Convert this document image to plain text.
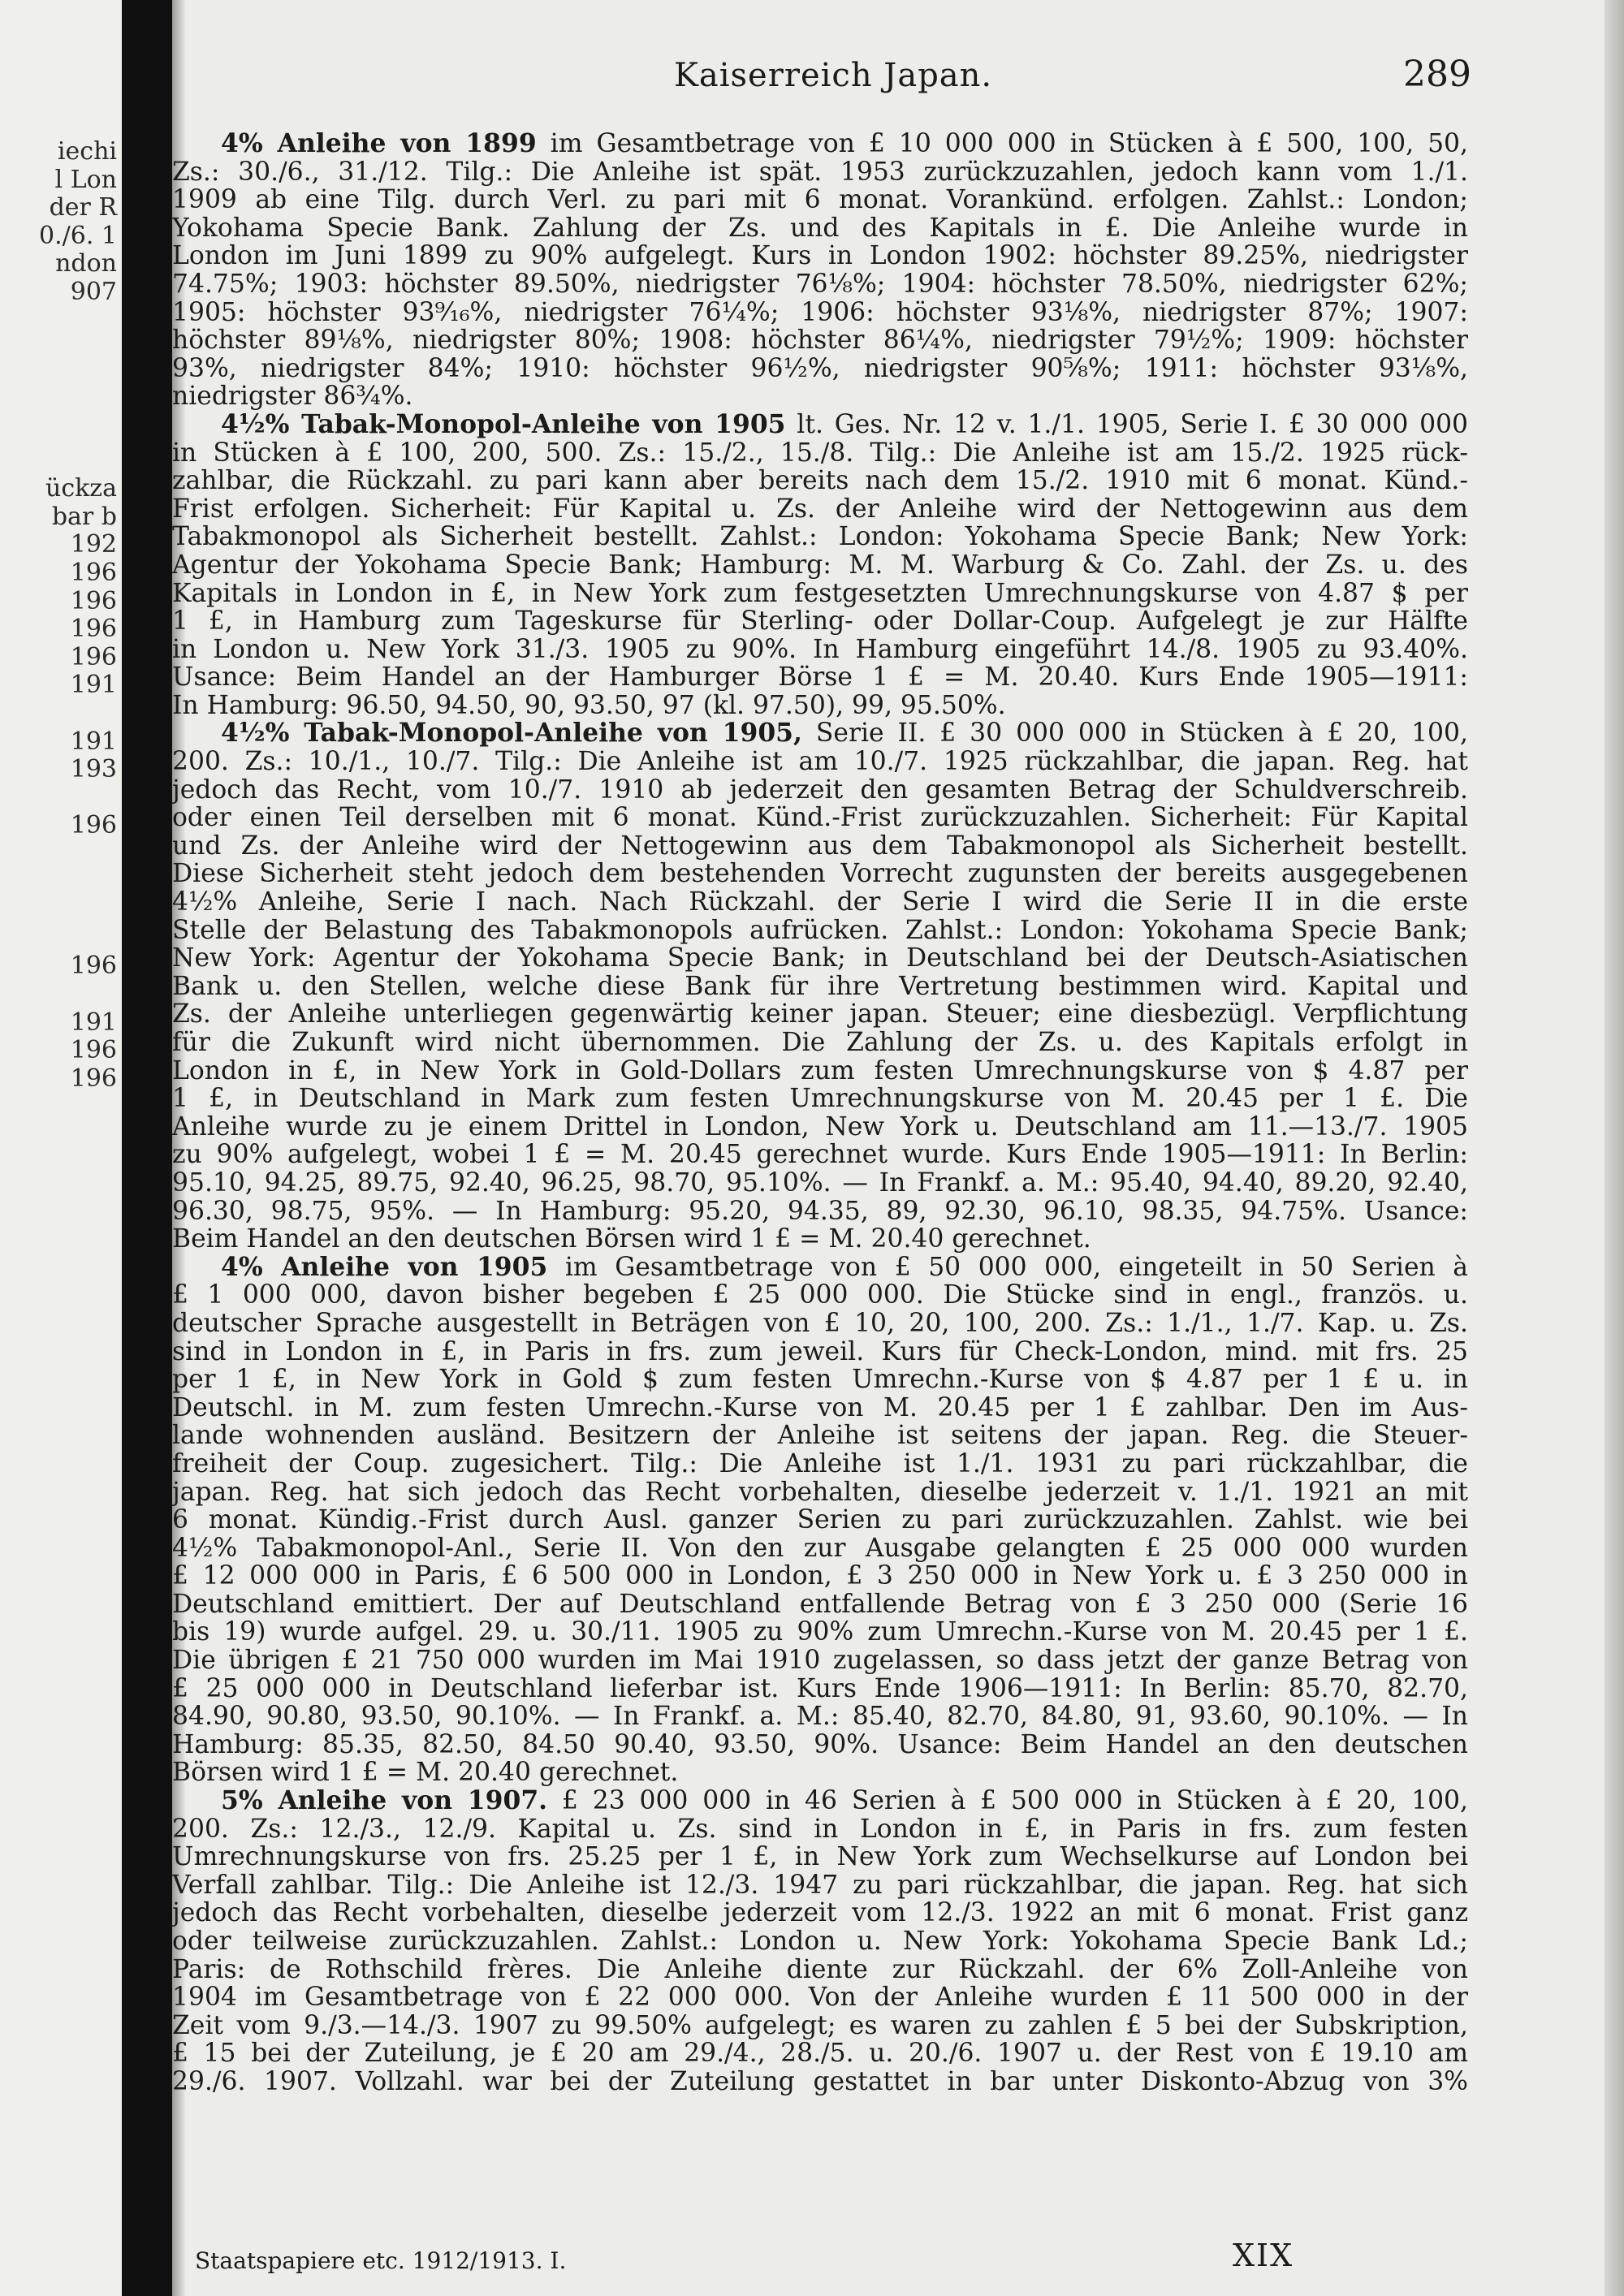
Kaiserreich Japan.	289
4% Anleihe von 1899 im Gesamtbetrage von £ 10 000 000 in Stücken à £ 500, 100, 50,
Zs.: 30./6., 31./12. Tilg.: Die Anleihe ist spät. 1953 zurückzuzahlen, jedoch kann vom 1./1.
1909 ab eine Tilg. durch Verl. zu pari mit 6 monat. Vorankünd. erfolgen. Zahlst.: London;
Yokohama Specie Bank. Zahlung der Zs. und des Kapitals in £. Die Anleihe wurde in
London im Juni 1899 zu 90% aufgelegt. Kurs in London 1902: höchster 89.25%, niedrigster
74.75%; 1903: höchster 89.50%, niedrigster 76⅛%; 1904: höchster 78.50%, niedrigster 62%;
1905: höchster 93⁹⁄₁₆%, niedrigster 76¼%; 1906: höchster 93⅛%, niedrigster 87%; 1907:
höchster 89⅛%, niedrigster 80%; 1908: höchster 86¼%, niedrigster 79½%; 1909: höchster
93%, niedrigster 84%; 1910: höchster 96½%, niedrigster 90⅝%; 1911: höchster 93⅛%,
niedrigster 86¾%.
4½% Tabak-Monopol-Anleihe von 1905 lt. Ges. Nr. 12 v. 1./1. 1905, Serie I. £ 30 000 000
in Stücken à £ 100, 200, 500. Zs.: 15./2., 15./8. Tilg.: Die Anleihe ist am 15./2. 1925 rück-
zahlbar, die Rückzahl. zu pari kann aber bereits nach dem 15./2. 1910 mit 6 monat. Künd.-
Frist erfolgen. Sicherheit: Für Kapital u. Zs. der Anleihe wird der Nettogewinn aus dem
Tabakmonopol als Sicherheit bestellt. Zahlst.: London: Yokohama Specie Bank; New York:
Agentur der Yokohama Specie Bank; Hamburg: M. M. Warburg & Co. Zahl. der Zs. u. des
Kapitals in London in £, in New York zum festgesetzten Umrechnungskurse von 4.87 $ per
1 £, in Hamburg zum Tageskurse für Sterling- oder Dollar-Coup. Aufgelegt je zur Hälfte
in London u. New York 31./3. 1905 zu 90%. In Hamburg eingeführt 14./8. 1905 zu 93.40%.
Usance: Beim Handel an der Hamburger Börse 1 £ = M. 20.40. Kurs Ende 1905—1911:
In Hamburg: 96.50, 94.50, 90, 93.50, 97 (kl. 97.50), 99, 95.50%.
4½% Tabak-Monopol-Anleihe von 1905, Serie II. £ 30 000 000 in Stücken à £ 20, 100,
200. Zs.: 10./1., 10./7. Tilg.: Die Anleihe ist am 10./7. 1925 rückzahlbar, die japan. Reg. hat
jedoch das Recht, vom 10./7. 1910 ab jederzeit den gesamten Betrag der Schuldverschreib.
oder einen Teil derselben mit 6 monat. Künd.-Frist zurückzuzahlen. Sicherheit: Für Kapital
und Zs. der Anleihe wird der Nettogewinn aus dem Tabakmonopol als Sicherheit bestellt.
Diese Sicherheit steht jedoch dem bestehenden Vorrecht zugunsten der bereits ausgegebenen
4½% Anleihe, Serie I nach. Nach Rückzahl. der Serie I wird die Serie II in die erste
Stelle der Belastung des Tabakmonopols aufrücken. Zahlst.: London: Yokohama Specie Bank;
New York: Agentur der Yokohama Specie Bank; in Deutschland bei der Deutsch-Asiatischen
Bank u. den Stellen, welche diese Bank für ihre Vertretung bestimmen wird. Kapital und
Zs. der Anleihe unterliegen gegenwärtig keiner japan. Steuer; eine diesbezügl. Verpflichtung
für die Zukunft wird nicht übernommen. Die Zahlung der Zs. u. des Kapitals erfolgt in
London in £, in New York in Gold-Dollars zum festen Umrechnungskurse von $ 4.87 per
1 £, in Deutschland in Mark zum festen Umrechnungskurse von M. 20.45 per 1 £. Die
Anleihe wurde zu je einem Drittel in London, New York u. Deutschland am 11.—13./7. 1905
zu 90% aufgelegt, wobei 1 £ = M. 20.45 gerechnet wurde. Kurs Ende 1905—1911: In Berlin:
95.10, 94.25, 89.75, 92.40, 96.25, 98.70, 95.10%. — In Frankf. a. M.: 95.40, 94.40, 89.20, 92.40,
96.30, 98.75, 95%. — In Hamburg: 95.20, 94.35, 89, 92.30, 96.10, 98.35, 94.75%. Usance:
Beim Handel an den deutschen Börsen wird 1 £ = M. 20.40 gerechnet.
4% Anleihe von 1905 im Gesamtbetrage von £ 50 000 000, eingeteilt in 50 Serien à
£ 1 000 000, davon bisher begeben £ 25 000 000. Die Stücke sind in engl., französ. u.
deutscher Sprache ausgestellt in Beträgen von £ 10, 20, 100, 200. Zs.: 1./1., 1./7. Kap. u. Zs.
sind in London in £, in Paris in frs. zum jeweil. Kurs für Check-London, mind. mit frs. 25
per 1 £, in New York in Gold $ zum festen Umrechn.-Kurse von $ 4.87 per 1 £ u. in
Deutschl. in M. zum festen Umrechn.-Kurse von M. 20.45 per 1 £ zahlbar. Den im Aus-
lande wohnenden ausländ. Besitzern der Anleihe ist seitens der japan. Reg. die Steuer-
freiheit der Coup. zugesichert. Tilg.: Die Anleihe ist 1./1. 1931 zu pari rückzahlbar, die
japan. Reg. hat sich jedoch das Recht vorbehalten, dieselbe jederzeit v. 1./1. 1921 an mit
6 monat. Kündig.-Frist durch Ausl. ganzer Serien zu pari zurückzuzahlen. Zahlst. wie bei
4½% Tabakmonopol-Anl., Serie II. Von den zur Ausgabe gelangten £ 25 000 000 wurden
£ 12 000 000 in Paris, £ 6 500 000 in London, £ 3 250 000 in New York u. £ 3 250 000 in
Deutschland emittiert. Der auf Deutschland entfallende Betrag von £ 3 250 000 (Serie 16
bis 19) wurde aufgel. 29. u. 30./11. 1905 zu 90% zum Umrechn.-Kurse von M. 20.45 per 1 £.
Die übrigen £ 21 750 000 wurden im Mai 1910 zugelassen, so dass jetzt der ganze Betrag von
£ 25 000 000 in Deutschland lieferbar ist. Kurs Ende 1906—1911: In Berlin: 85.70, 82.70,
84.90, 90.80, 93.50, 90.10%. — In Frankf. a. M.: 85.40, 82.70, 84.80, 91, 93.60, 90.10%. — In
Hamburg: 85.35, 82.50, 84.50 90.40, 93.50, 90%. Usance: Beim Handel an den deutschen
Börsen wird 1 £ = M. 20.40 gerechnet.
5% Anleihe von 1907. £ 23 000 000 in 46 Serien à £ 500 000 in Stücken à £ 20, 100,
200. Zs.: 12./3., 12./9. Kapital u. Zs. sind in London in £, in Paris in frs. zum festen
Umrechnungskurse von frs. 25.25 per 1 £, in New York zum Wechselkurse auf London bei
Verfall zahlbar. Tilg.: Die Anleihe ist 12./3. 1947 zu pari rückzahlbar, die japan. Reg. hat sich
jedoch das Recht vorbehalten, dieselbe jederzeit vom 12./3. 1922 an mit 6 monat. Frist ganz
oder teilweise zurückzuzahlen. Zahlst.: London u. New York: Yokohama Specie Bank Ld.;
Paris: de Rothschild frères. Die Anleihe diente zur Rückzahl. der 6% Zoll-Anleihe von
1904 im Gesamtbetrage von £ 22 000 000. Von der Anleihe wurden £ 11 500 000 in der
Zeit vom 9./3.—14./3. 1907 zu 99.50% aufgelegt; es waren zu zahlen £ 5 bei der Subskription,
£ 15 bei der Zuteilung, je £ 20 am 29./4., 28./5. u. 20./6. 1907 u. der Rest von £ 19.10 am
29./6. 1907. Vollzahl. war bei der Zuteilung gestattet in bar unter Diskonto-Abzug von 3%
Staatspapiere etc. 1912/1913. I.	XIX
iechi
l Lon
der R
0./6. 1
ndon
907
ückza
bar b
192
196
196
196
196
191
191
193
196
196
191
196
196
